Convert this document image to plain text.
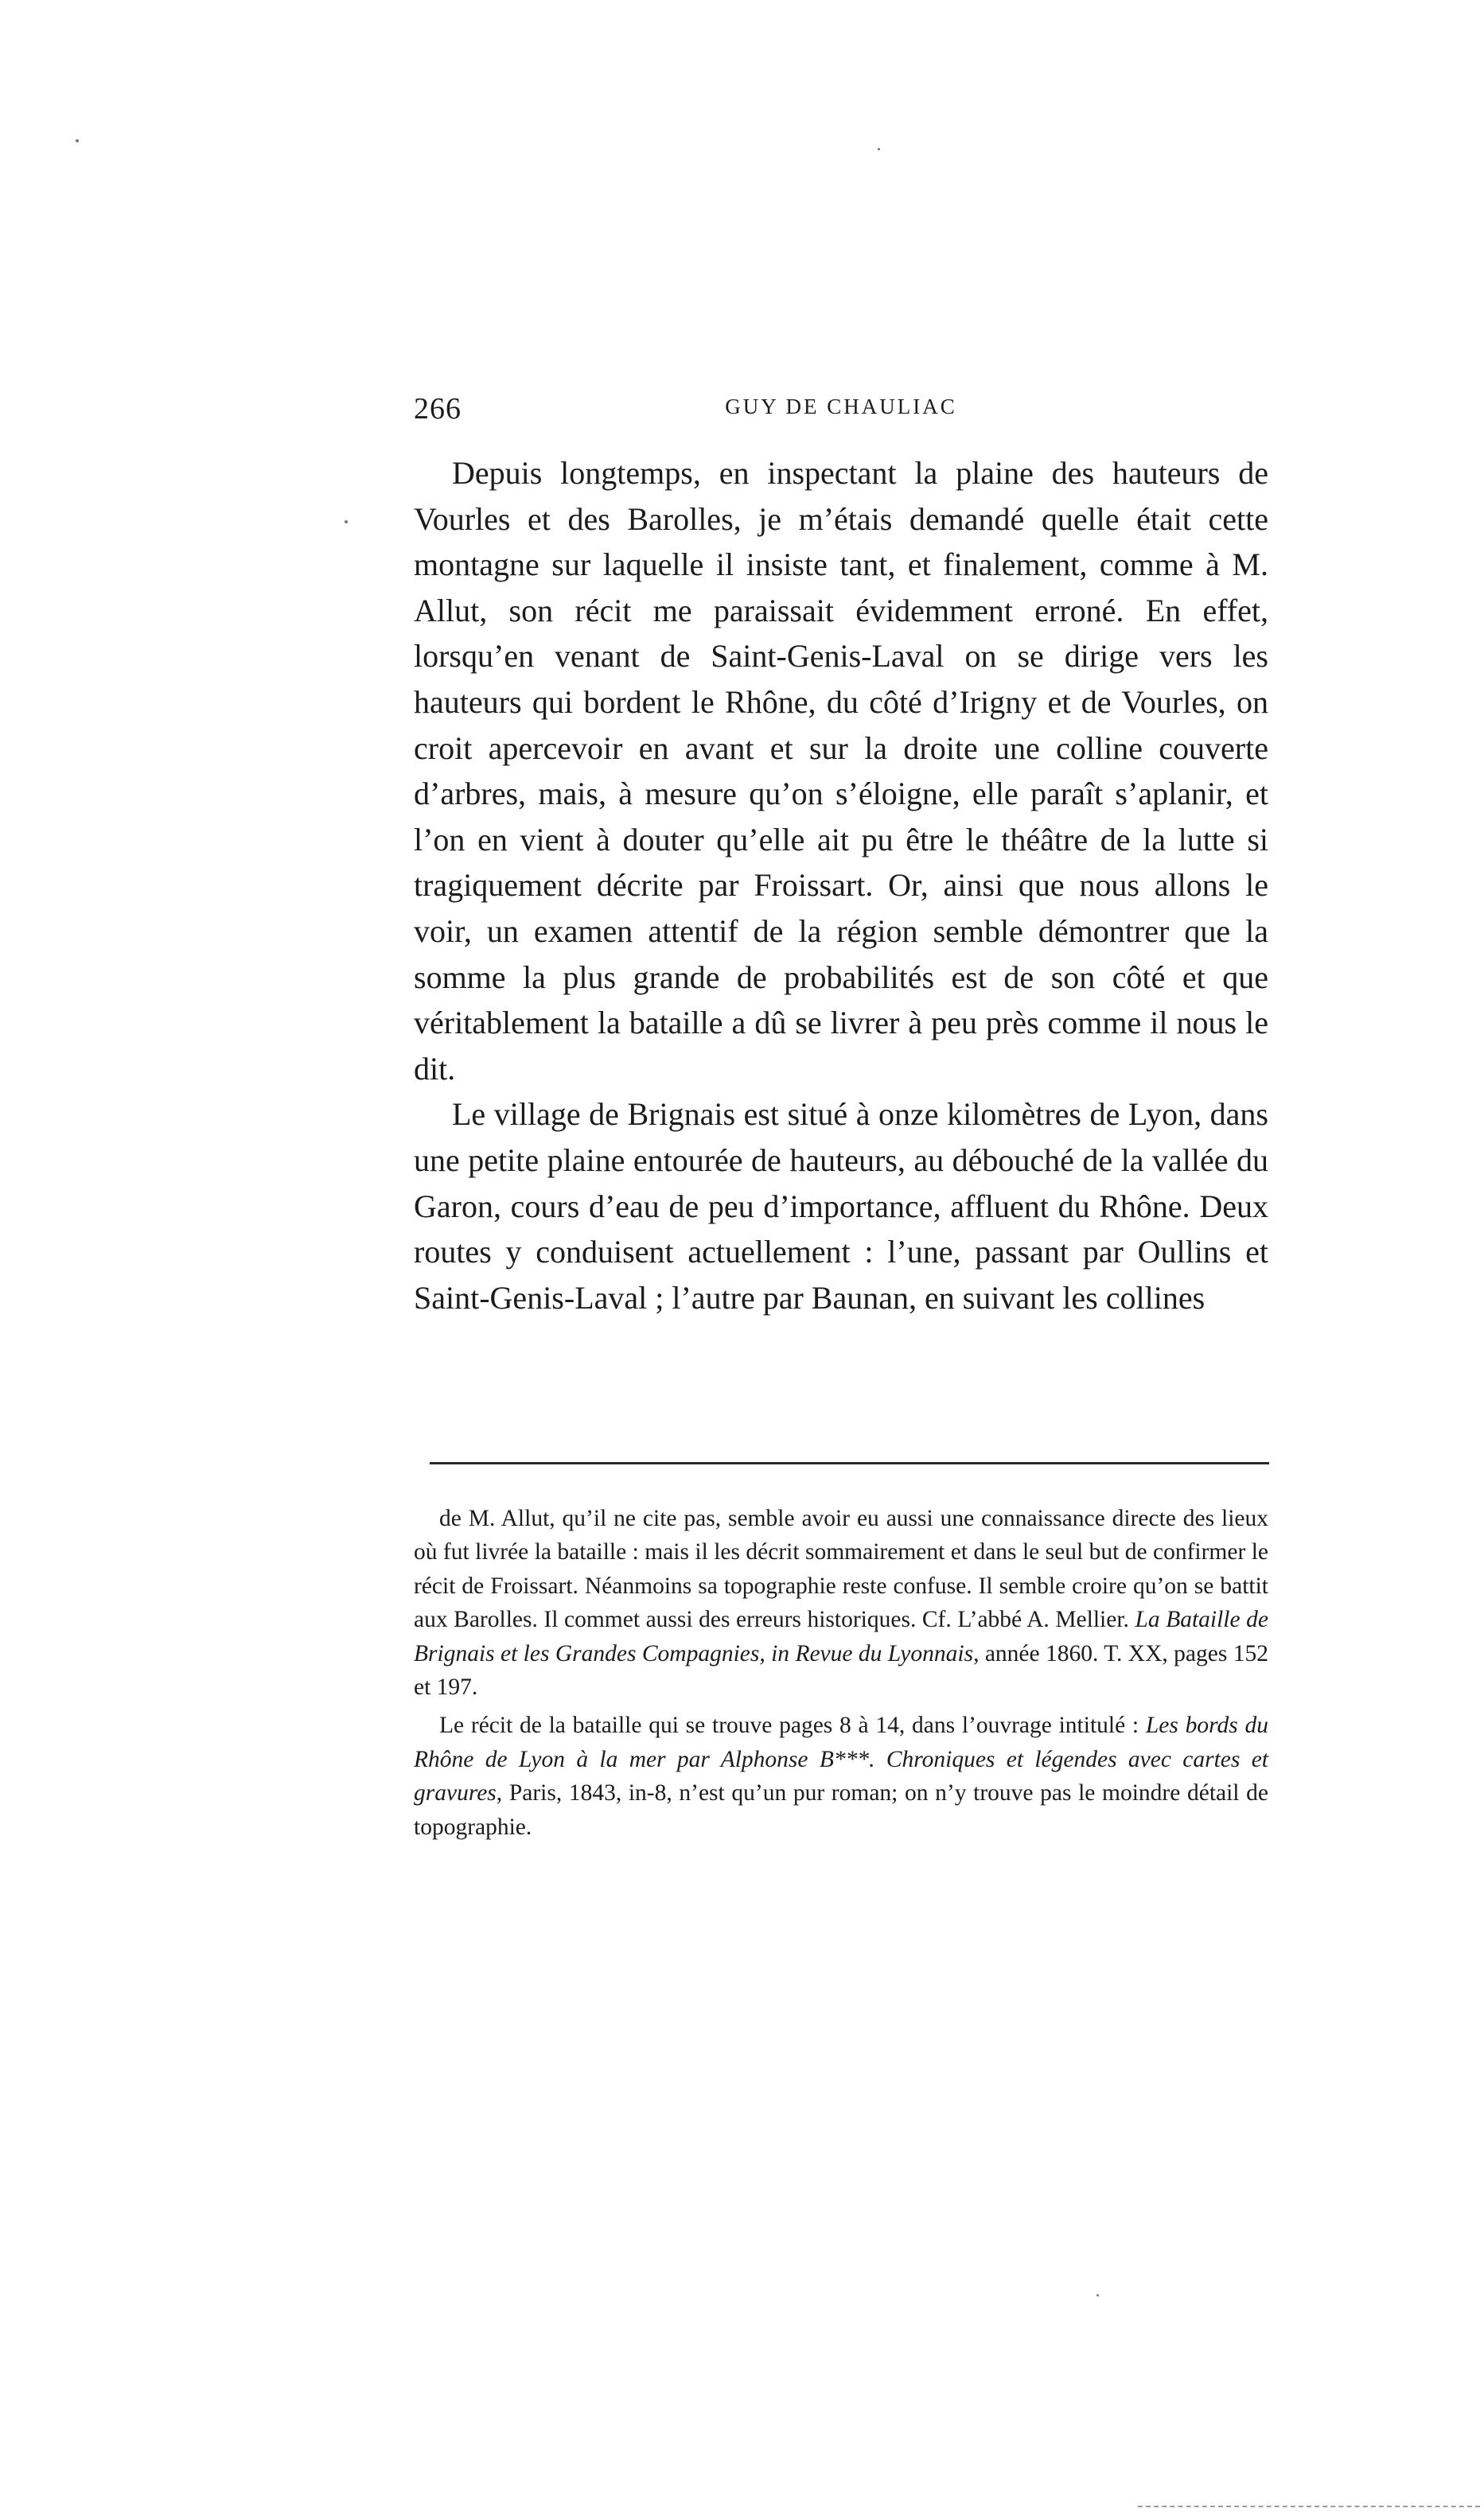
266	GUY DE CHAULIAC

Depuis longtemps, en inspectant la plaine des hauteurs de Vourles et des Barolles, je m’étais demandé quelle était cette montagne sur laquelle il insiste tant, et finalement, comme à M. Allut, son récit me paraissait évidemment erroné. En effet, lorsqu’en venant de Saint-Genis-Laval on se dirige vers les hauteurs qui bordent le Rhône, du côté d’Irigny et de Vourles, on croit apercevoir en avant et sur la droite une colline couverte d’arbres, mais, à mesure qu’on s’éloigne, elle paraît s’aplanir, et l’on en vient à douter qu’elle ait pu être le théâtre de la lutte si tragiquement décrite par Froissart. Or, ainsi que nous allons le voir, un examen attentif de la région semble démontrer que la somme la plus grande de probabilités est de son côté et que véritablement la bataille a dû se livrer à peu près comme il nous le dit.

Le village de Brignais est situé à onze kilomètres de Lyon, dans une petite plaine entourée de hauteurs, au débouché de la vallée du Garon, cours d’eau de peu d’importance, affluent du Rhône. Deux routes y conduisent actuellement : l’une, passant par Oullins et Saint-Genis-Laval ; l’autre par Baunan, en suivant les collines

de M. Allut, qu’il ne cite pas, semble avoir eu aussi une connaissance directe des lieux où fut livrée la bataille : mais il les décrit sommairement et dans le seul but de confirmer le récit de Froissart. Néanmoins sa topographie reste confuse. Il semble croire qu’on se battit aux Barolles. Il commet aussi des erreurs historiques. Cf. L’abbé A. Mellier. La Bataille de Brignais et les Grandes Compagnies, in Revue du Lyonnais, année 1860. T. XX, pages 152 et 197.

Le récit de la bataille qui se trouve pages 8 à 14, dans l’ouvrage intitulé : Les bords du Rhône de Lyon à la mer par Alphonse B***. Chroniques et légendes avec cartes et gravures, Paris, 1843, in-8, n’est qu’un pur roman; on n’y trouve pas le moindre détail de topographie.
